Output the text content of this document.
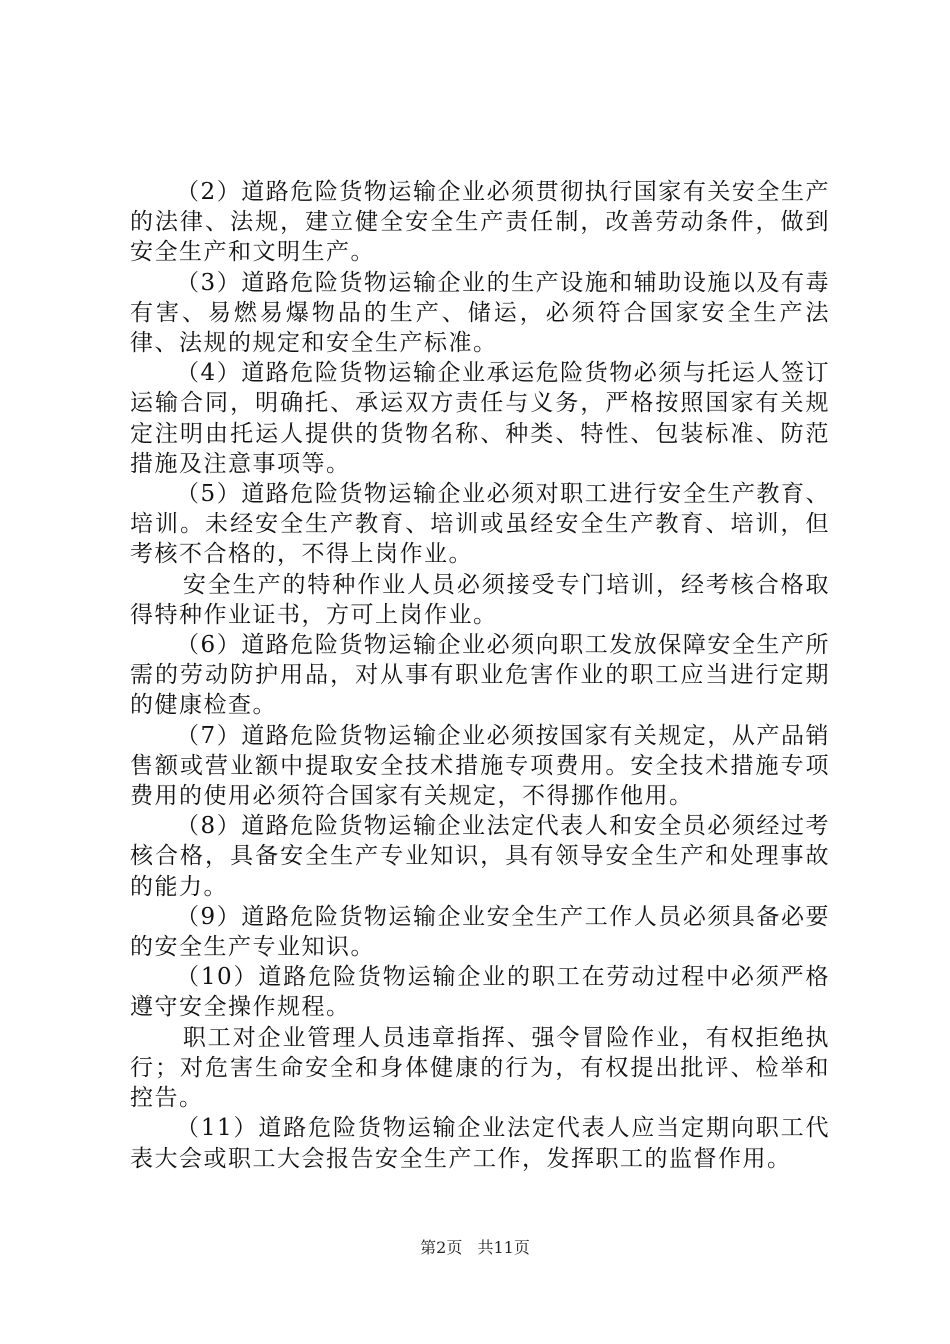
（2）道路危险货物运输企业必须贯彻执行国家有关安全生产的法律、法规，建立健全安全生产责任制，改善劳动条件，做到安全生产和文明生产。

（3）道路危险货物运输企业的生产设施和辅助设施以及有毒有害、易燃易爆物品的生产、储运，必须符合国家安全生产法律、法规的规定和安全生产标准。

（4）道路危险货物运输企业承运危险货物必须与托运人签订运输合同，明确托、承运双方责任与义务，严格按照国家有关规定注明由托运人提供的货物名称、种类、特性、包装标准、防范措施及注意事项等。

（5）道路危险货物运输企业必须对职工进行安全生产教育、培训。未经安全生产教育、培训或虽经安全生产教育、培训，但考核不合格的，不得上岗作业。

安全生产的特种作业人员必须接受专门培训，经考核合格取得特种作业证书，方可上岗作业。

（6）道路危险货物运输企业必须向职工发放保障安全生产所需的劳动防护用品，对从事有职业危害作业的职工应当进行定期的健康检查。

（7）道路危险货物运输企业必须按国家有关规定，从产品销售额或营业额中提取安全技术措施专项费用。安全技术措施专项费用的使用必须符合国家有关规定，不得挪作他用。

（8）道路危险货物运输企业法定代表人和安全员必须经过考核合格，具备安全生产专业知识，具有领导安全生产和处理事故的能力。

（9）道路危险货物运输企业安全生产工作人员必须具备必要的安全生产专业知识。

（10）道路危险货物运输企业的职工在劳动过程中必须严格遵守安全操作规程。

职工对企业管理人员违章指挥、强令冒险作业，有权拒绝执行；对危害生命安全和身体健康的行为，有权提出批评、检举和控告。

（11）道路危险货物运输企业法定代表人应当定期向职工代表大会或职工大会报告安全生产工作，发挥职工的监督作用。

第2页 共11页
